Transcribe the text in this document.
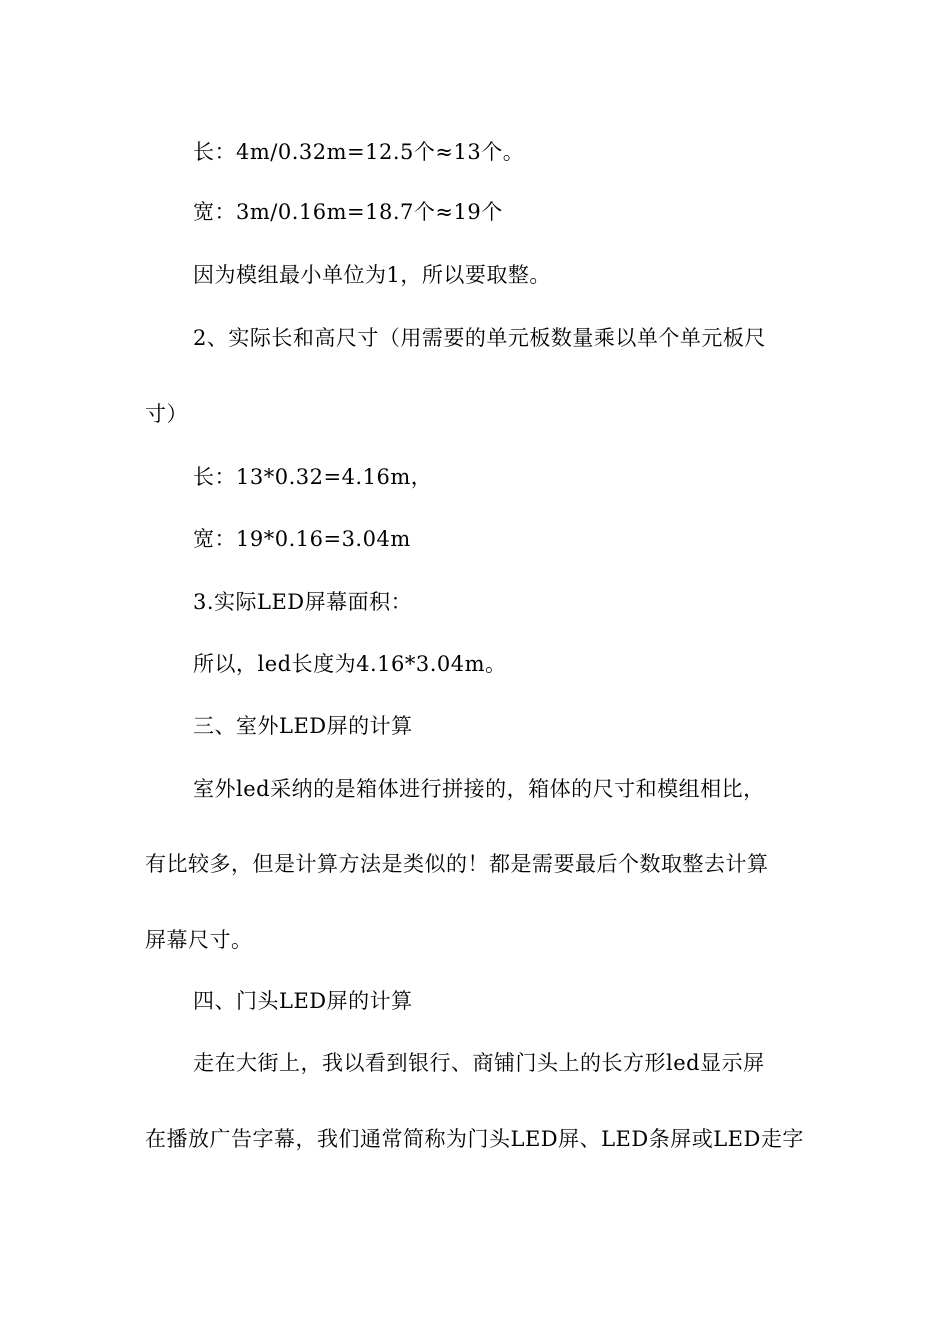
长：4m/0.32m=12.5个≈13个。

宽：3m/0.16m=18.7个≈19个

因为模组最小单位为1，所以要取整。

2、实际长和高尺寸（用需要的单元板数量乘以单个单元板尺

寸）

长：13*0.32=4.16m，

宽：19*0.16=3.04m

3.实际LED屏幕面积：

所以，led长度为4.16*3.04m。

三、室外LED屏的计算

室外led采纳的是箱体进行拼接的，箱体的尺寸和模组相比，

有比较多，但是计算方法是类似的！都是需要最后个数取整去计算

屏幕尺寸。

四、门头LED屏的计算

走在大街上，我以看到银行、商铺门头上的长方形led显示屏

在播放广告字幕，我们通常简称为门头LED屏、LED条屏或LED走字
